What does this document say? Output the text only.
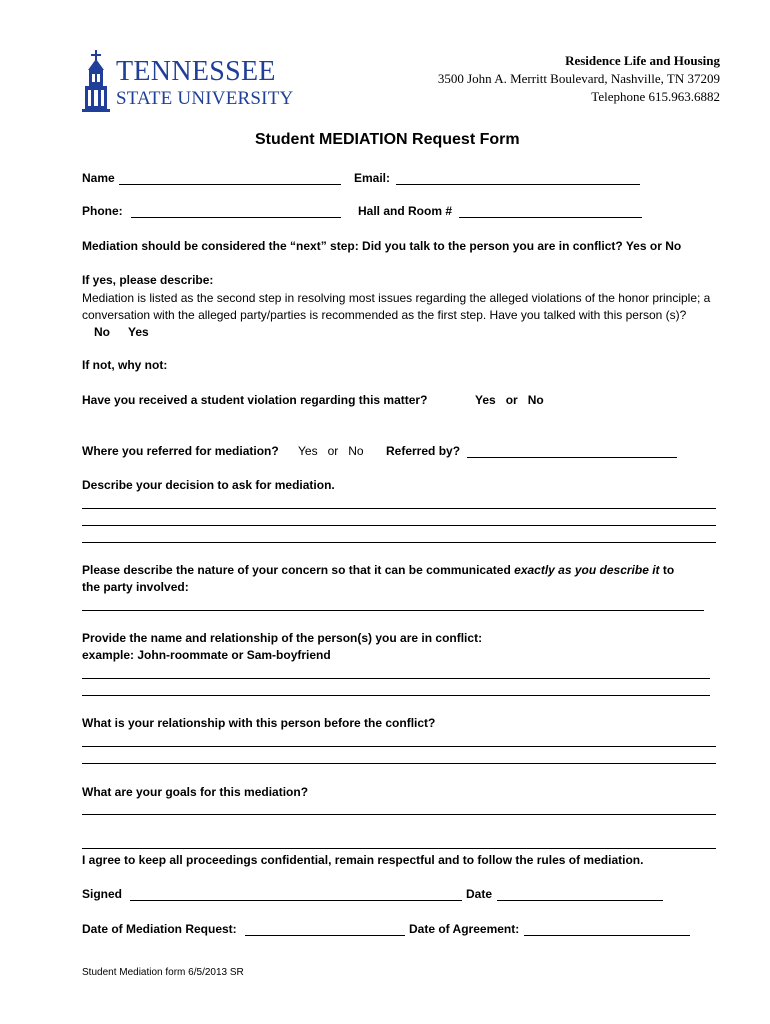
TENNESSEE
STATE UNIVERSITY
Residence Life and Housing
3500 John A. Merritt Boulevard, Nashville, TN 37209
Telephone 615.963.6882
Student MEDIATION Request Form
Name	Email:
Phone:	Hall and Room #
Mediation should be considered the “next” step: Did you talk to the person you are in conflict? Yes or No
If yes, please describe:
Mediation is listed as the second step in resolving most issues regarding the alleged violations of the honor principle; a conversation with the alleged party/parties is recommended as the first step. Have you talked with this person (s)?No Yes
If not, why not:
Have you received a student violation regarding this matter?	Yes   or   No
Where you referred for mediation? Yes   or   No Referred by?
Describe your decision to ask for mediation.
Please describe the nature of your concern so that it can be communicated exactly as you describe it to
the party involved:
Provide the name and relationship of the person(s) you are in conflict:
example: John-roommate or Sam-boyfriend
What is your relationship with this person before the conflict?
What are your goals for this mediation?
I agree to keep all proceedings confidential, remain respectful and to follow the rules of mediation.
Signed	Date
Date of Mediation Request:	Date of Agreement:
Student Mediation form 6/5/2013 SR
